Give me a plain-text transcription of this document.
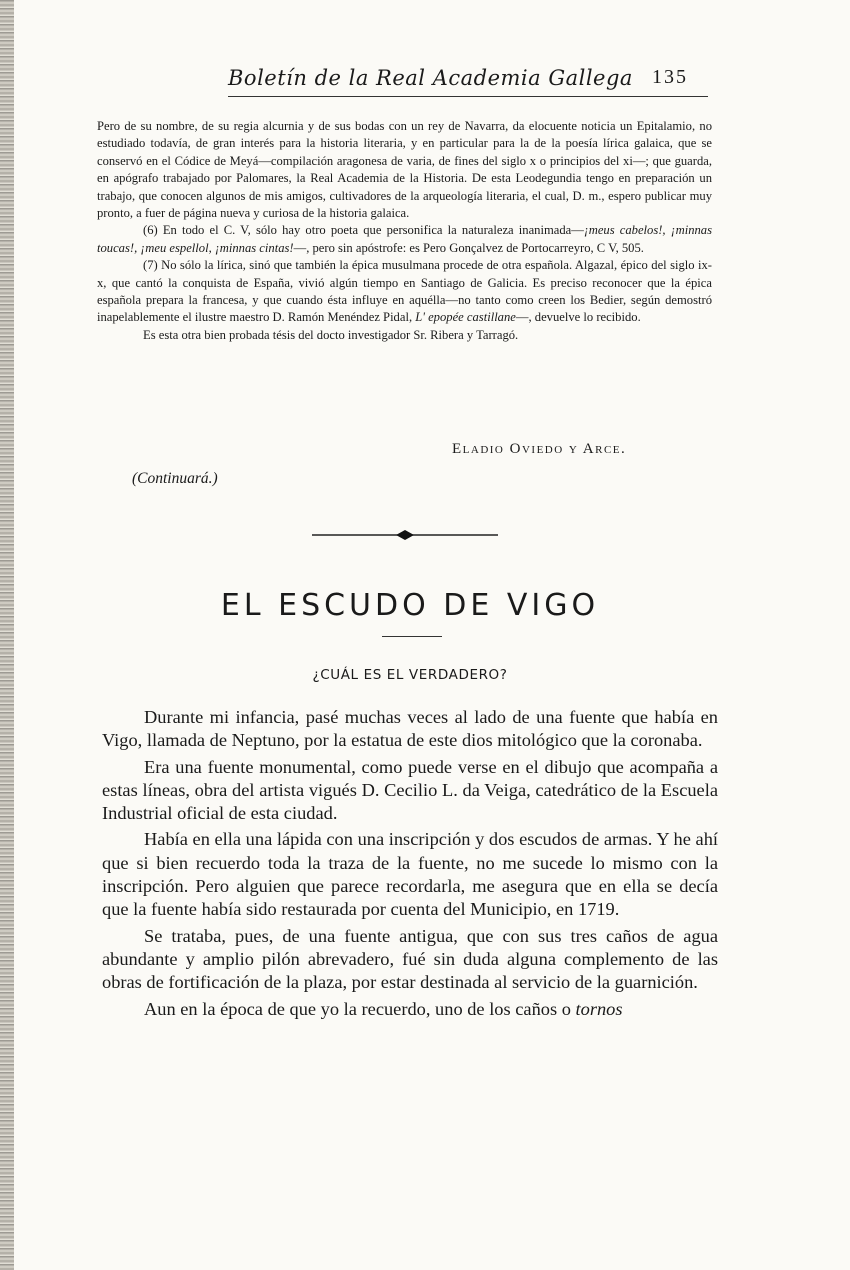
Boletín de la Real Academia Gallega 135

Pero de su nombre, de su regia alcurnia y de sus bodas con un rey de Navarra, da elocuente noticia un Epitalamio, no estudiado todavía, de gran interés para la historia literaria, y en particular para la de la poesía lírica galaica, que se conservó en el Códice de Meyá—compilación aragonesa de varia, de fines del siglo x o principios del xi—; que guarda, en apógrafo trabajado por Palomares, la Real Academia de la Historia. De esta Leodegundia tengo en preparación un trabajo, que conocen algunos de mis amigos, cultivadores de la arqueología literaria, el cual, D. m., espero publicar muy pronto, a fuer de página nueva y curiosa de la historia galaica.

(6) En todo el C. V, sólo hay otro poeta que personifica la naturaleza inanimada—¡meus cabelos!, ¡minnas toucas!, ¡meu espellol, ¡minnas cintas!—, pero sin apóstrofe: es Pero Gonçalvez de Portocarreyro, C V, 505.

(7) No sólo la lírica, sinó que también la épica musulmana procede de otra española. Algazal, épico del siglo ix-x, que cantó la conquista de España, vivió algún tiempo en Santiago de Galicia. Es preciso reconocer que la épica española prepara la francesa, y que cuando ésta influye en aquélla—no tanto como creen los Bedier, según demostró inapelablemente el ilustre maestro D. Ramón Menéndez Pidal, L' epopée castillane—, devuelve lo recibido.

Es esta otra bien probada tésis del docto investigador Sr. Ribera y Tarragó.

Eladio Oviedo y Arce.
(Continuará.)
EL ESCUDO DE VIGO
¿CUÁL ES EL VERDADERO?

Durante mi infancia, pasé muchas veces al lado de una fuente que había en Vigo, llamada de Neptuno, por la estatua de este dios mitológico que la coronaba.

Era una fuente monumental, como puede verse en el dibujo que acompaña a estas líneas, obra del artista vigués D. Cecilio L. da Veiga, catedrático de la Escuela Industrial oficial de esta ciudad.

Había en ella una lápida con una inscripción y dos escudos de armas. Y he ahí que si bien recuerdo toda la traza de la fuente, no me sucede lo mismo con la inscripción. Pero alguien que parece recordarla, me asegura que en ella se decía que la fuente había sido restaurada por cuenta del Municipio, en 1719.

Se trataba, pues, de una fuente antigua, que con sus tres caños de agua abundante y amplio pilón abrevadero, fué sin duda alguna complemento de las obras de fortificación de la plaza, por estar destinada al servicio de la guarnición.

Aun en la época de que yo la recuerdo, uno de los caños o tornos
